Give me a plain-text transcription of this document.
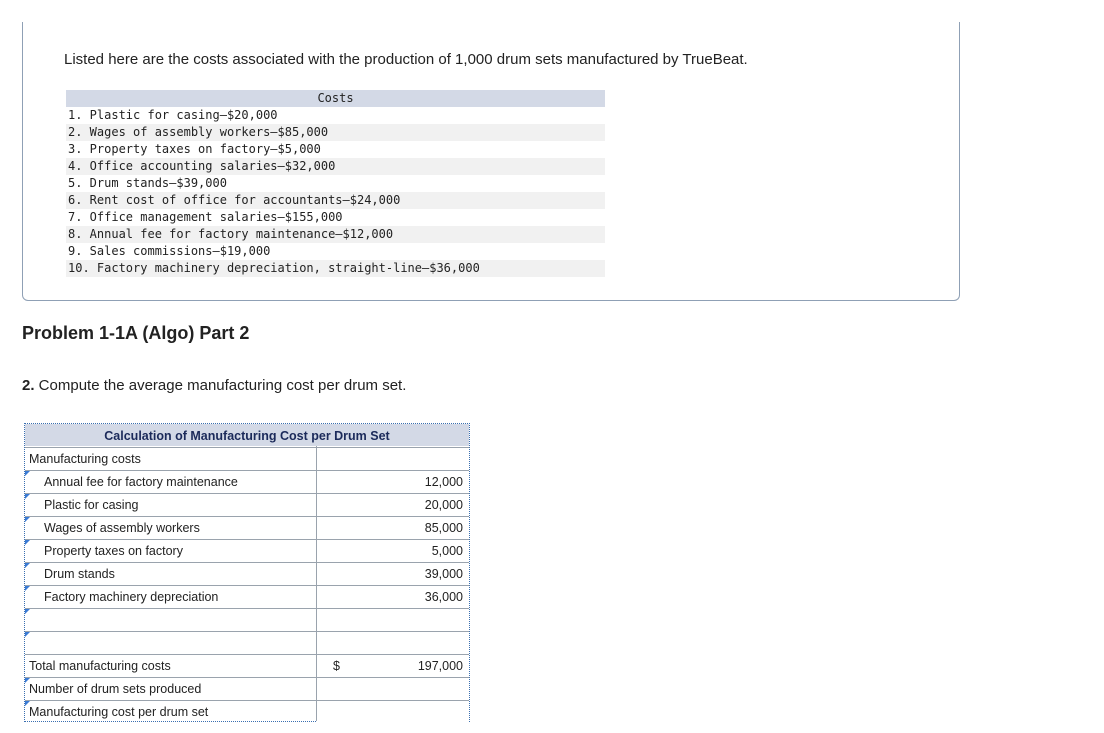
Listed here are the costs associated with the production of 1,000 drum sets manufactured by TrueBeat.
Costs
1. Plastic for casing–$20,000
2. Wages of assembly workers–$85,000
3. Property taxes on factory–$5,000
4. Office accounting salaries–$32,000
5. Drum stands–$39,000
6. Rent cost of office for accountants–$24,000
7. Office management salaries–$155,000
8. Annual fee for factory maintenance–$12,000
9. Sales commissions–$19,000
10. Factory machinery depreciation, straight-line–$36,000
Problem 1-1A (Algo) Part 2
2. Compute the average manufacturing cost per drum set.
Calculation of Manufacturing Cost per Drum Set
Manufacturing costs
Annual fee for factory maintenance	12,000
Plastic for casing	20,000
Wages of assembly workers	85,000
Property taxes on factory	5,000
Drum stands	39,000
Factory machinery depreciation	36,000
Total manufacturing costs	$	197,000
Number of drum sets produced
Manufacturing cost per drum set
